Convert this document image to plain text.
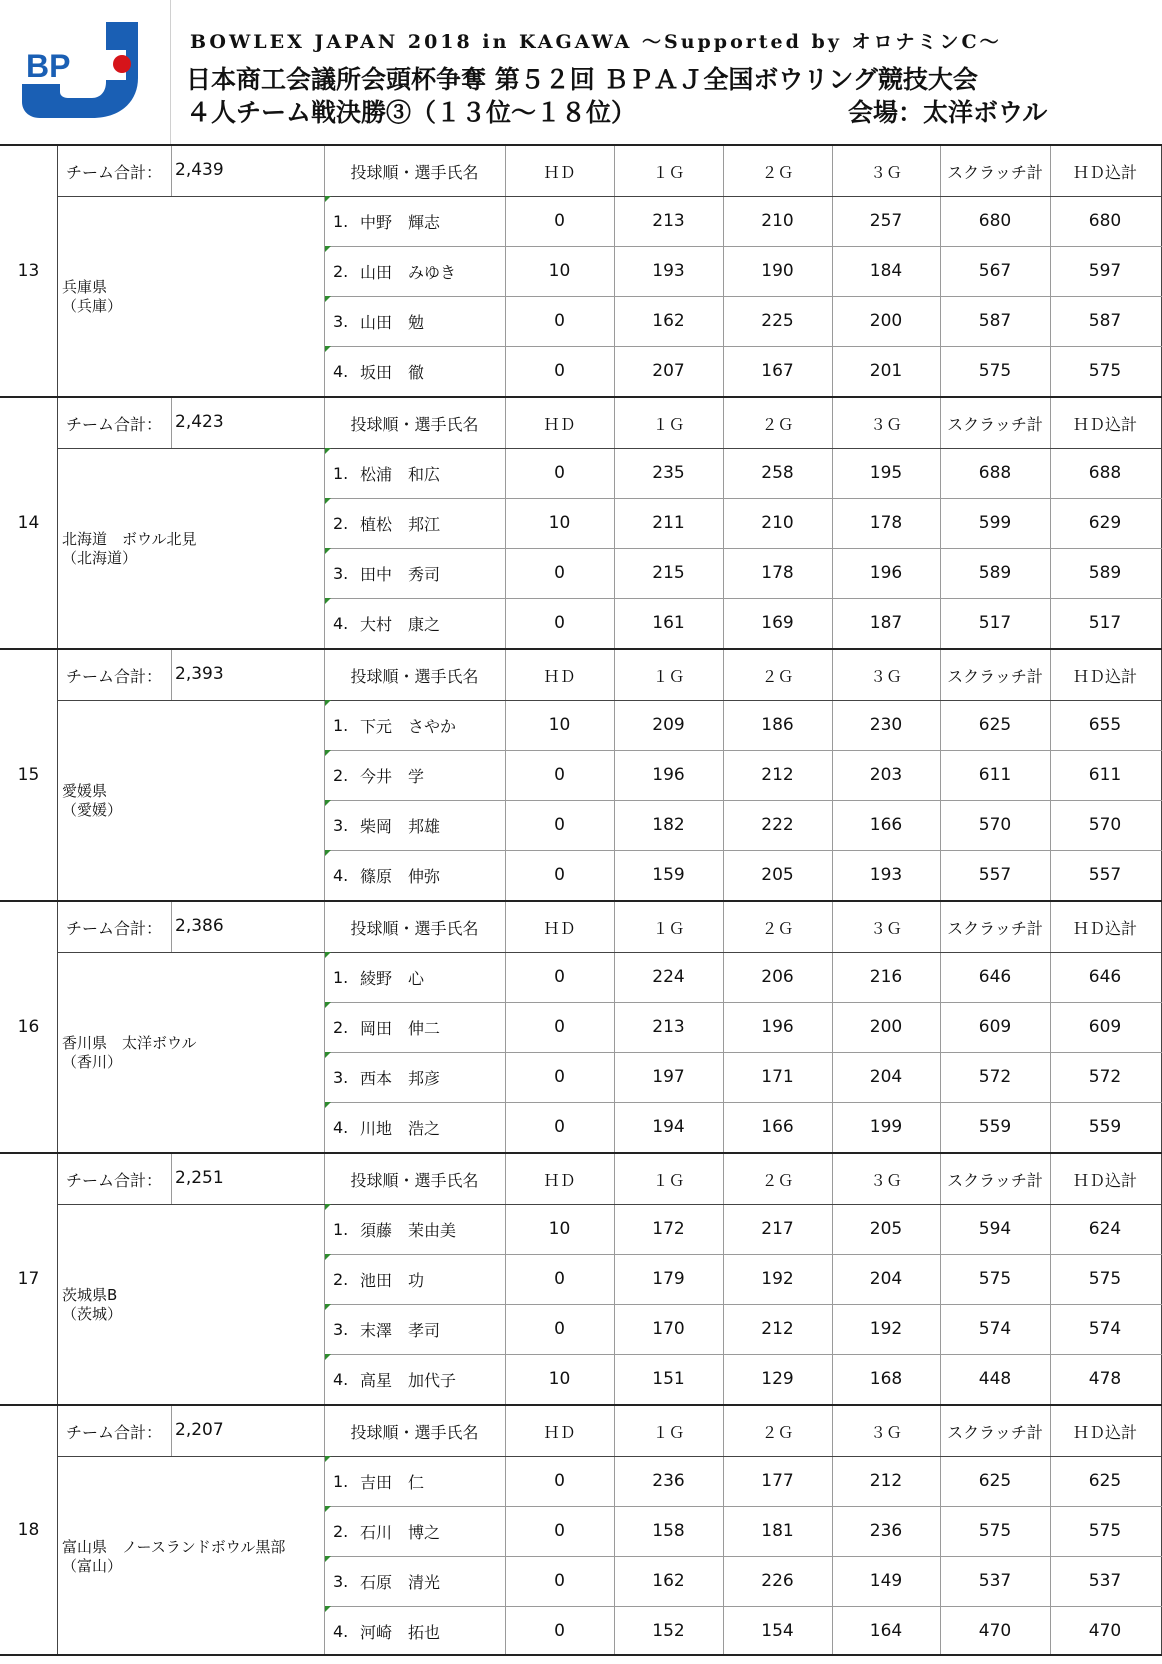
BP
BOWLEX JAPAN 2018 in KAGAWA ～Supported by オロナミンC～
日本商工会議所会頭杯争奪 第５２回 ＢＰＡＪ全国ボウリング競技大会
４人チーム戦決勝③（１３位～１８位）	会場：太洋ボウル
13
チーム合計： 2,439
兵庫県
（兵庫）
投球順・選手氏名	ＨＤ	１Ｇ	２Ｇ	３Ｇ	スクラッチ計	ＨＤ込計
1. 中野　輝志	0	213	210	257	680	680
2. 山田　みゆき	10	193	190	184	567	597
3. 山田　勉	0	162	225	200	587	587
4. 坂田　徹	0	207	167	201	575	575
14
チーム合計： 2,423
北海道　ボウル北見
（北海道）
投球順・選手氏名	ＨＤ	１Ｇ	２Ｇ	３Ｇ	スクラッチ計	ＨＤ込計
1. 松浦　和広	0	235	258	195	688	688
2. 植松　邦江	10	211	210	178	599	629
3. 田中　秀司	0	215	178	196	589	589
4. 大村　康之	0	161	169	187	517	517
15
チーム合計： 2,393
愛媛県
（愛媛）
投球順・選手氏名	ＨＤ	１Ｇ	２Ｇ	３Ｇ	スクラッチ計	ＨＤ込計
1. 下元　さやか	10	209	186	230	625	655
2. 今井　学	0	196	212	203	611	611
3. 柴岡　邦雄	0	182	222	166	570	570
4. 篠原　伸弥	0	159	205	193	557	557
16
チーム合計： 2,386
香川県　太洋ボウル
（香川）
投球順・選手氏名	ＨＤ	１Ｇ	２Ｇ	３Ｇ	スクラッチ計	ＨＤ込計
1. 綾野　心	0	224	206	216	646	646
2. 岡田　伸二	0	213	196	200	609	609
3. 西本　邦彦	0	197	171	204	572	572
4. 川地　浩之	0	194	166	199	559	559
17
チーム合計： 2,251
茨城県B
（茨城）
投球順・選手氏名	ＨＤ	１Ｇ	２Ｇ	３Ｇ	スクラッチ計	ＨＤ込計
1. 須藤　茉由美	10	172	217	205	594	624
2. 池田　功	0	179	192	204	575	575
3. 末澤　孝司	0	170	212	192	574	574
4. 高星　加代子	10	151	129	168	448	478
18
チーム合計： 2,207
富山県　ノースランドボウル黒部
（富山）
投球順・選手氏名	ＨＤ	１Ｇ	２Ｇ	３Ｇ	スクラッチ計	ＨＤ込計
1. 吉田　仁	0	236	177	212	625	625
2. 石川　博之	0	158	181	236	575	575
3. 石原　清光	0	162	226	149	537	537
4. 河崎　拓也	0	152	154	164	470	470
